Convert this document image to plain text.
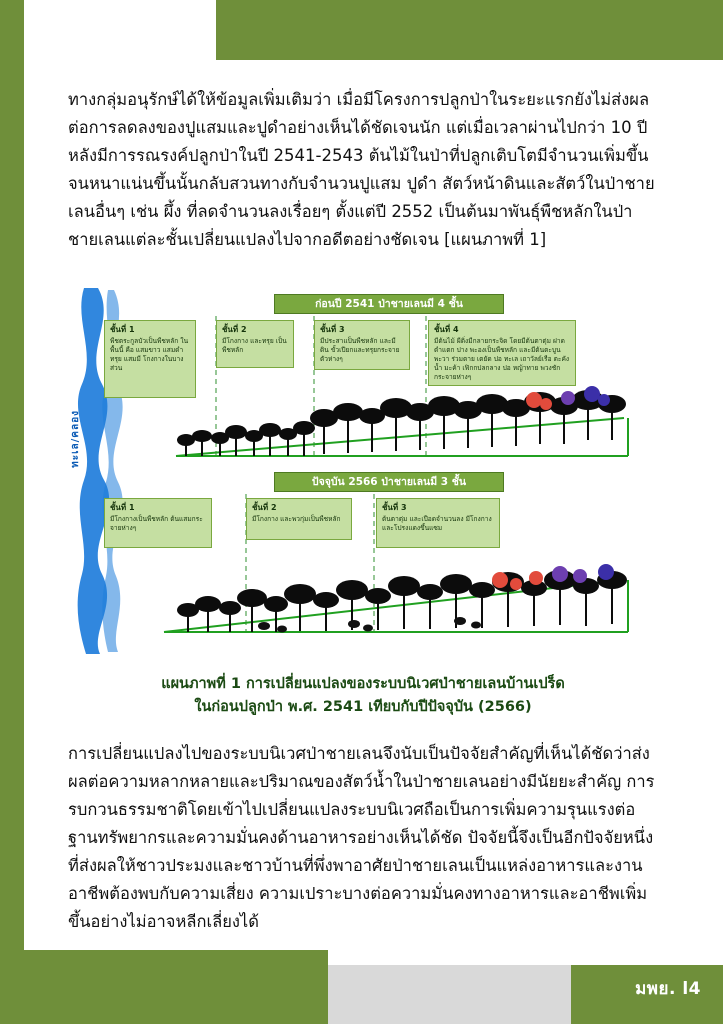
มพย. l4
ทางกลุ่มอนุรักษ์ได้ให้ข้อมูลเพิ่มเติมว่า เมื่อมีโครงการปลูกป่าในระยะแรกยังไม่ส่งผลต่อการลดลงของปูแสมและปูดำอย่างเห็นได้ชัดเจนนัก แต่เมื่อเวลาผ่านไปกว่า 10 ปี หลังมีการรณรงค์ปลูกป่าในปี 2541-2543 ต้นไม้ในป่าที่ปลูกเติบโตมีจำนวนเพิ่มขึ้นจนหนาแน่นขึ้นนั้นกลับสวนทางกับจำนวนปูแสม ปูดำ สัตว์หน้าดินและสัตว์ในป่าชายเลนอื่นๆ เช่น ผึ้ง ที่ลดจำนวนลงเรื่อยๆ ตั้งแต่ปี 2552 เป็นต้นมาพันธุ์พืชหลักในป่าชายเลนแต่ละชั้นเปลี่ยนแปลงไปจากอดีตอย่างชัดเจน [แผนภาพที่ 1]
ทะเล/คลอง
ก่อนปี 2541 ป่าชายเลนมี 4 ชั้น
ปัจจุบัน 2566 ป่าชายเลนมี 3 ชั้น
ชั้นที่ 1
พืชตระกูลบัวเป็นพืชหลัก ในพื้นนี้ คือ แสมขาว แสมดำ ทรุย แสมมี โกงกางในบางส่วน
ชั้นที่ 2
มีโกงกาง และทรุย เป็นพืชหลัก
ชั้นที่ 3
มีประสาแป็นพืชหลัก และมีดิน ขั้วเปียกและทรุยกระจายตัวห่างๆ
ชั้นที่ 4
มีต้นไม้ ผีติ่งมีกลายกระจิด โดยมีต้นตาตุ่ม ฝาด ตำแตก ปาง พะองเป็นพืชหลัก และมีต้นตะบูน พะวา ร่วมตาย เตยัด ปอ ทะเล เถาวัลย์เรือ ตะคังน้ำ มะค้า เฟิกกปลกลาง ปอ หญ้าทาย พวงชัก กระจายห่างๆ
ชั้นที่ 1
มีโกงกางเป็นพืชหลัก ต้นแสมกระจายห่างๆ
ชั้นที่ 2
มีโกงกาง และพวกุ่มเป็นพืชหลัก
ชั้นที่ 3
ต้นตาตุ่ม และเปือดจำนวนลง มีโกงกางและโปรงแดงขึ้นแซม
แผนภาพที่ 1 การเปลี่ยนแปลงของระบบนิเวศป่าชายเลนบ้านเปร็ด
ในก่อนปลูกป่า พ.ศ. 2541 เทียบกับปีปัจจุบัน (2566)
การเปลี่ยนแปลงไปของระบบนิเวศป่าชายเลนจึงนับเป็นปัจจัยสำคัญที่เห็นได้ชัดว่าส่งผลต่อความหลากหลายและปริมาณของสัตว์น้ำในป่าชายเลนอย่างมีนัยยะสำคัญ การรบกวนธรรมชาติโดยเข้าไปเปลี่ยนแปลงระบบนิเวศถือเป็นการเพิ่มความรุนแรงต่อฐานทรัพยากรและความมั่นคงด้านอาหารอย่างเห็นได้ชัด ปัจจัยนี้จึงเป็นอีกปัจจัยหนึ่งที่ส่งผลให้ชาวประมงและชาวบ้านที่พึ่งพาอาศัยป่าชายเลนเป็นแหล่งอาหารและงานอาชีพต้องพบกับความเสี่ยง ความเปราะบางต่อความมั่นคงทางอาหารและอาชีพเพิ่มขึ้นอย่างไม่อาจหลีกเลี่ยงได้
